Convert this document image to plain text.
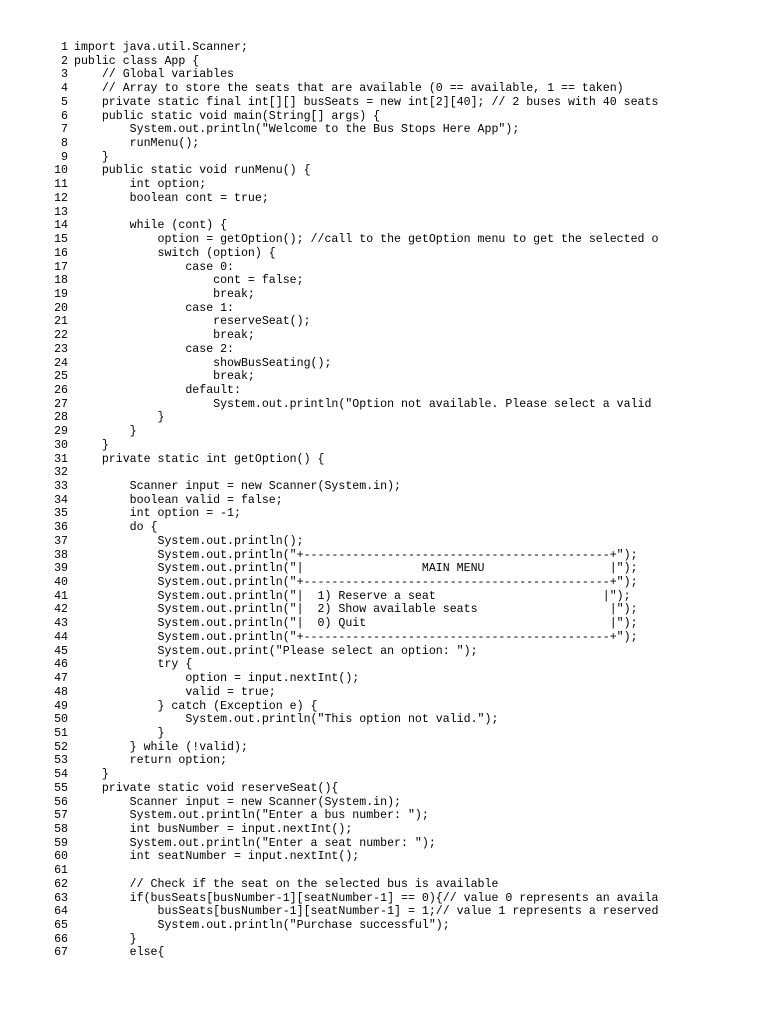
1 import java.util.Scanner;
2 public class App {
3 // Global variables
4 // Array to store the seats that are available (0 == available, 1 == taken)
5 private static final int[][] busSeats = new int[2][40]; // 2 buses with 40 seats
6 public static void main(String[] args) {
7 System.out.println("Welcome to the Bus Stops Here App");
8 runMenu();
9 }
10 public static void runMenu() {
11 int option;
12 boolean cont = true;
13
14 while (cont) {
15 option = getOption(); //call to the getOption menu to get the selected o
16 switch (option) {
17 case 0:
18 cont = false;
19 break;
20 case 1:
21 reserveSeat();
22 break;
23 case 2:
24 showBusSeating();
25 break;
26 default:
27 System.out.println("Option not available. Please select a valid
28 }
29 }
30 }
31 private static int getOption() {
32
33 Scanner input = new Scanner(System.in);
34 boolean valid = false;
35 int option = -1;
36 do {
37 System.out.println();
38 System.out.println("+--------------------------------------------+");
39 System.out.println("|                 MAIN MENU                  |");
40 System.out.println("+--------------------------------------------+");
41 System.out.println("|  1) Reserve a seat                        |");
42 System.out.println("|  2) Show available seats                   |");
43 System.out.println("|  0) Quit                                   |");
44 System.out.println("+--------------------------------------------+");
45 System.out.print("Please select an option: ");
46 try {
47 option = input.nextInt();
48 valid = true;
49 } catch (Exception e) {
50 System.out.println("This option not valid.");
51 }
52 } while (!valid);
53 return option;
54 }
55 private static void reserveSeat(){
56 Scanner input = new Scanner(System.in);
57 System.out.println("Enter a bus number: ");
58 int busNumber = input.nextInt();
59 System.out.println("Enter a seat number: ");
60 int seatNumber = input.nextInt();
61
62 // Check if the seat on the selected bus is available
63 if(busSeats[busNumber-1][seatNumber-1] == 0){// value 0 represents an availa
64 busSeats[busNumber-1][seatNumber-1] = 1;// value 1 represents a reserved
65 System.out.println("Purchase successful");
66 }
67 else{
